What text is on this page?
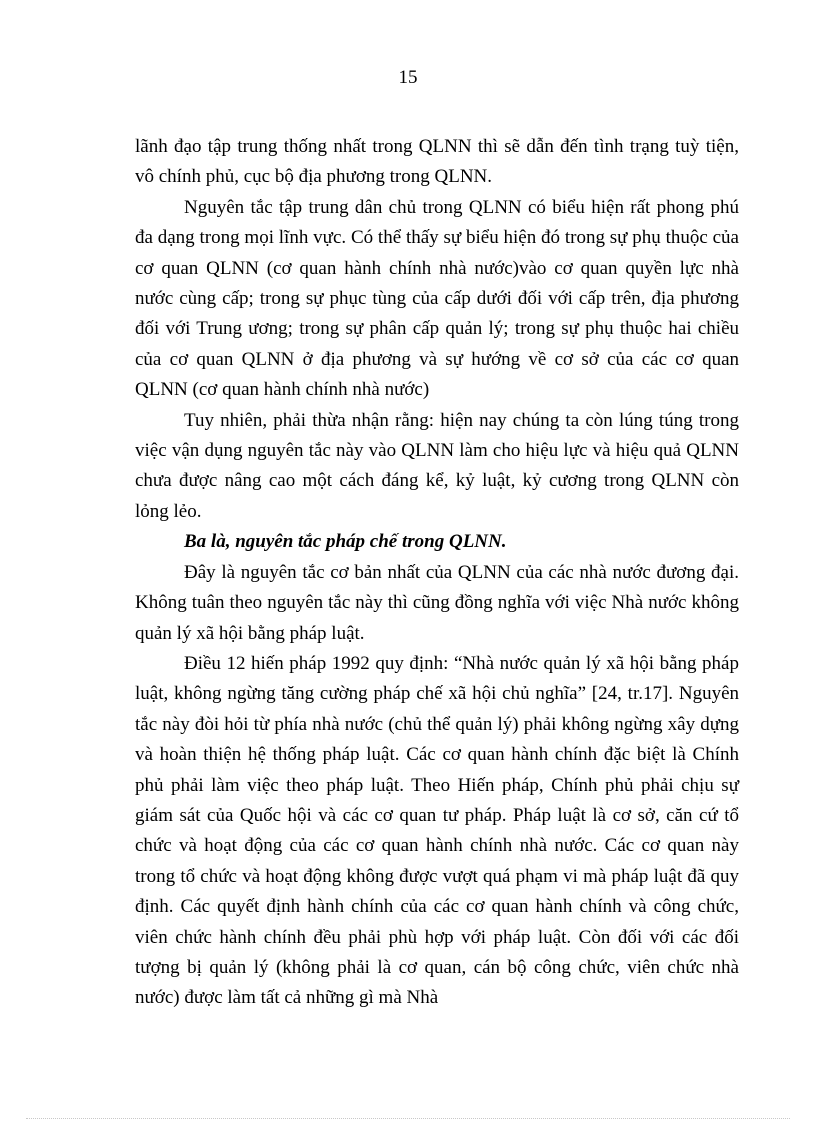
15

lãnh đạo tập trung thống nhất trong QLNN thì sẽ dẫn đến tình trạng tuỳ tiện, vô chính phủ, cục bộ địa phương trong QLNN.

Nguyên tắc tập trung dân chủ trong QLNN có biểu hiện rất phong phú đa dạng trong mọi lĩnh vực. Có thể thấy sự biểu hiện đó trong sự phụ thuộc của cơ quan QLNN (cơ quan hành chính nhà nước)vào cơ quan quyền lực nhà nước cùng cấp; trong sự phục tùng của cấp dưới đối với cấp trên, địa phương đối với Trung ương; trong sự phân cấp quản lý; trong sự phụ thuộc hai chiều của cơ quan QLNN ở địa phương và sự hướng về cơ sở của các cơ quan QLNN (cơ quan hành chính nhà nước)

Tuy nhiên, phải thừa nhận rằng: hiện nay chúng ta còn lúng túng trong việc vận dụng nguyên tắc này vào QLNN làm cho hiệu lực và hiệu quả QLNN chưa được nâng cao một cách đáng kể, kỷ luật, kỷ cương trong QLNN còn lỏng lẻo.

Ba là, nguyên tắc pháp chế trong QLNN.

Đây là nguyên tắc cơ bản nhất của QLNN của các nhà nước đương đại. Không tuân theo nguyên tắc này thì cũng đồng nghĩa với việc Nhà nước không quản lý xã hội bằng pháp luật.

Điều 12 hiến pháp 1992 quy định: “Nhà nước quản lý xã hội bằng pháp luật, không ngừng tăng cường pháp chế xã hội chủ nghĩa” [24, tr.17]. Nguyên tắc này đòi hỏi từ phía nhà nước (chủ thể quản lý) phải không ngừng xây dựng và hoàn thiện hệ thống pháp luật. Các cơ quan hành chính đặc biệt là Chính phủ phải làm việc theo pháp luật. Theo Hiến pháp, Chính phủ phải chịu sự giám sát của Quốc hội và các cơ quan tư pháp. Pháp luật là cơ sở, căn cứ tổ chức và hoạt động của các cơ quan hành chính nhà nước. Các cơ quan này trong tổ chức và hoạt động không được vượt quá phạm vi mà pháp luật đã quy định. Các quyết định hành chính của các cơ quan hành chính và công chức, viên chức hành chính đều phải phù hợp với pháp luật. Còn đối với các đối tượng bị quản lý (không phải là cơ quan, cán bộ công chức, viên chức nhà nước) được làm tất cả những gì mà Nhà
